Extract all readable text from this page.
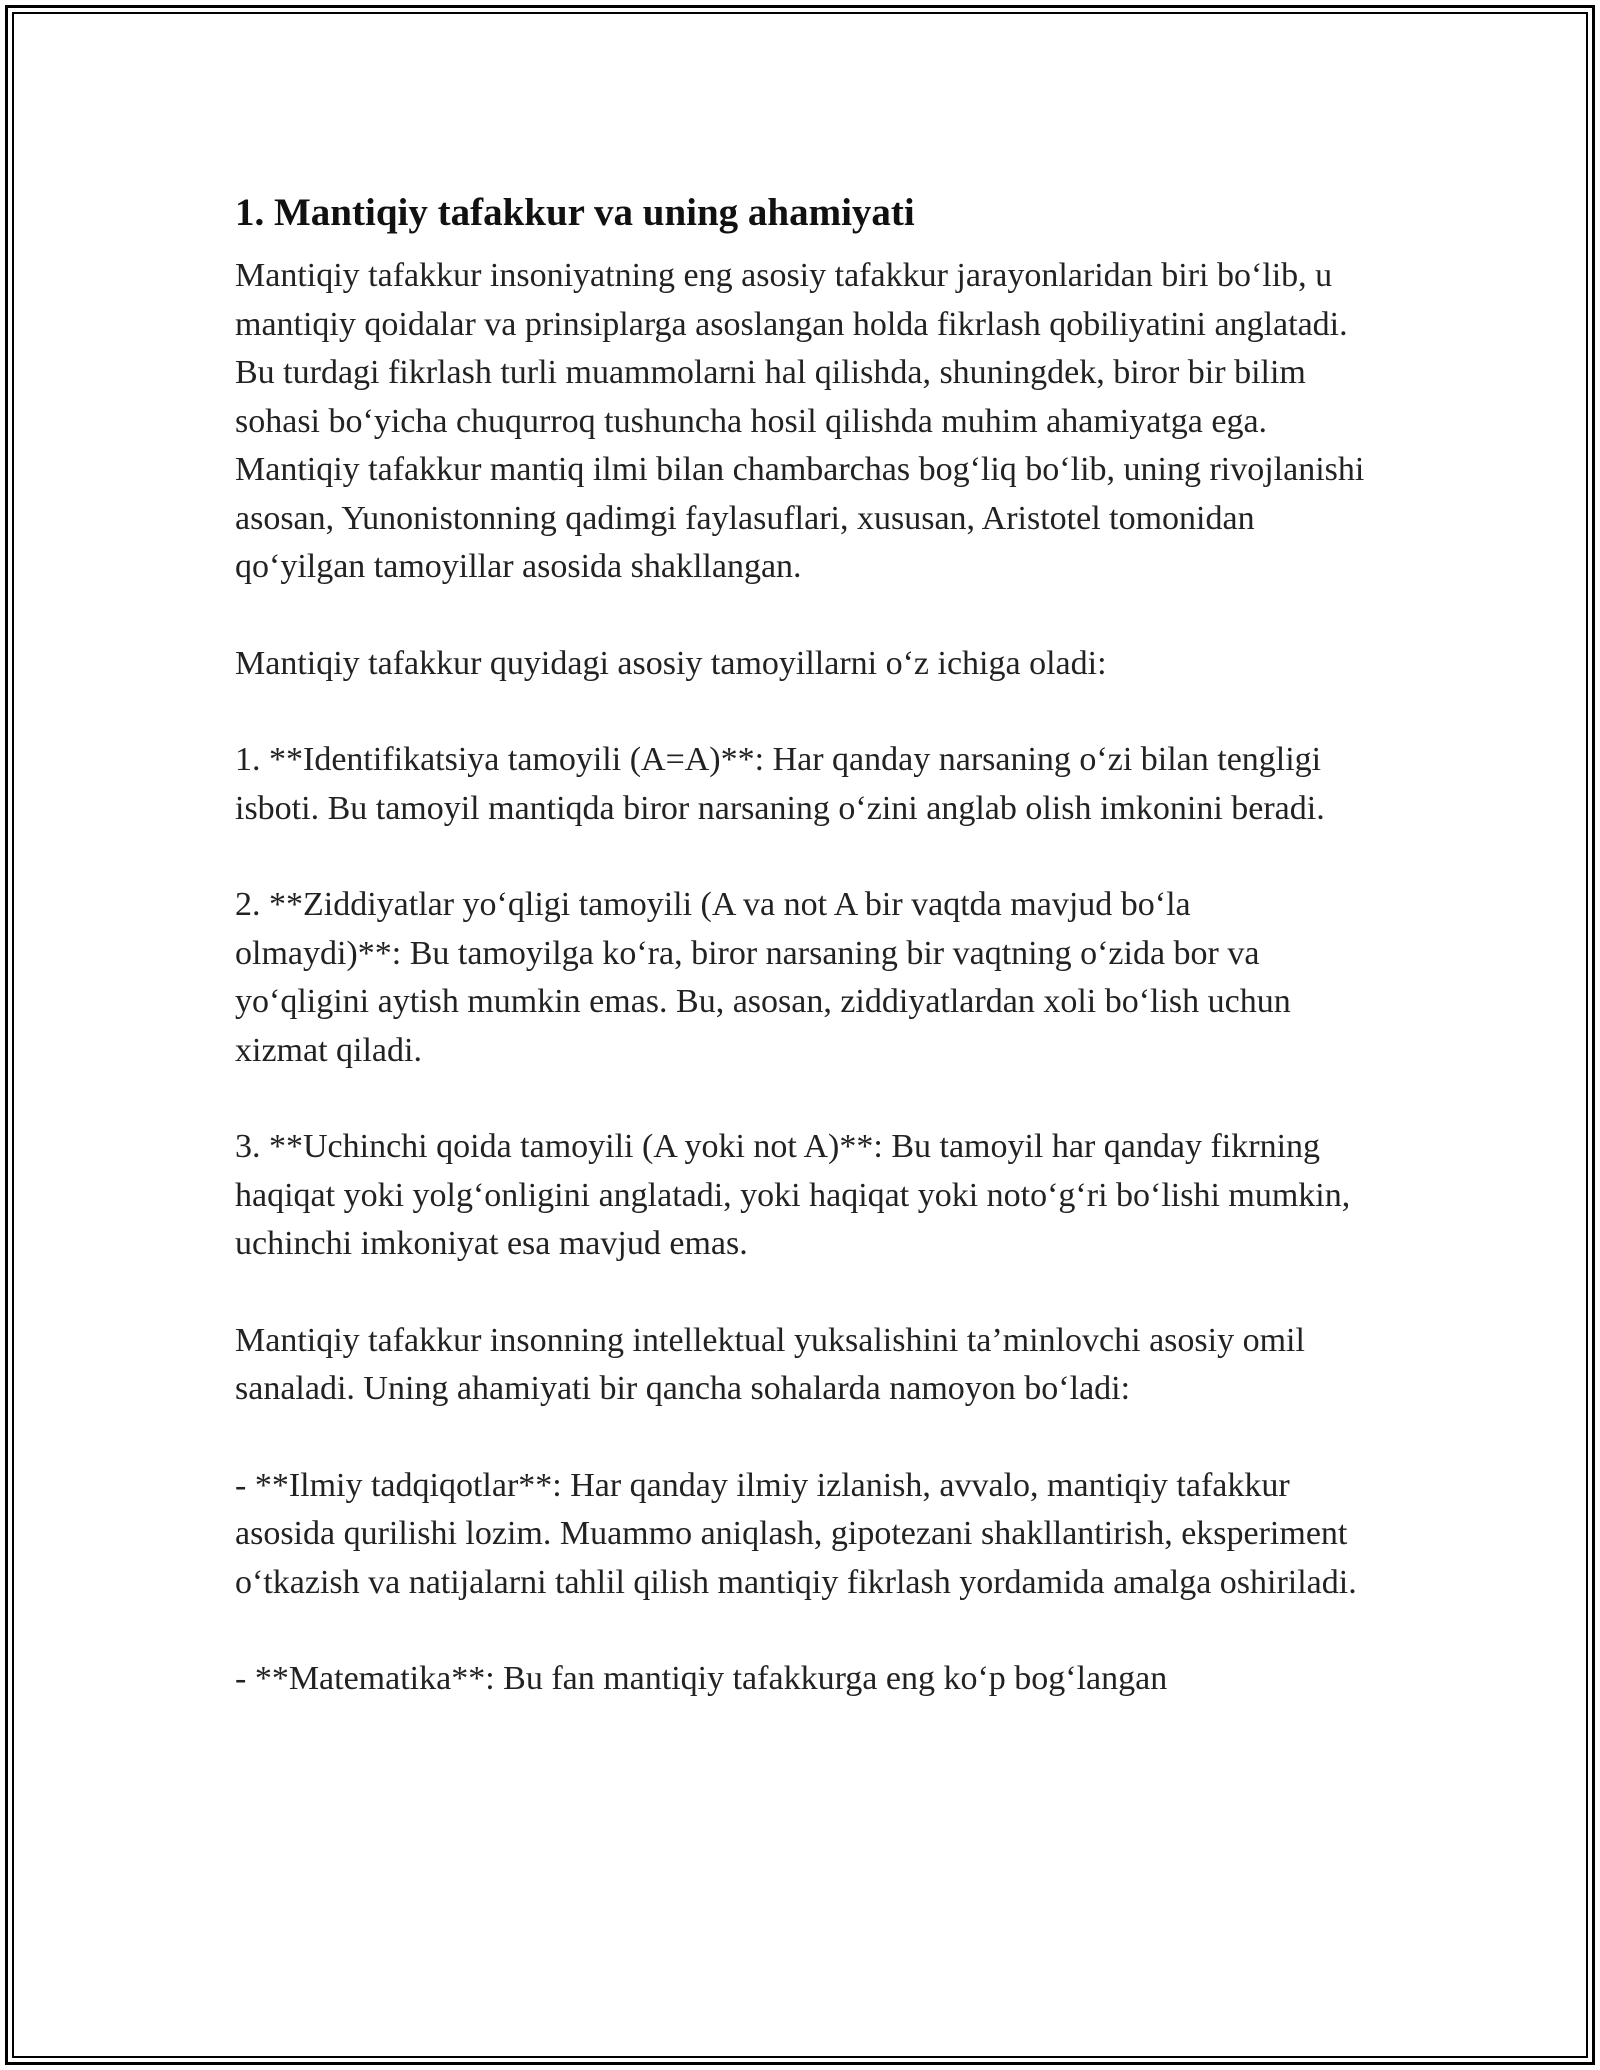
1. Mantiqiy tafakkur va uning ahamiyati

Mantiqiy tafakkur insoniyatning eng asosiy tafakkur jarayonlaridan biri bo‘lib, u mantiqiy qoidalar va prinsiplarga asoslangan holda fikrlash qobiliyatini anglatadi. Bu turdagi fikrlash turli muammolarni hal qilishda, shuningdek, biror bir bilim sohasi bo‘yicha chuqurroq tushuncha hosil qilishda muhim ahamiyatga ega. Mantiqiy tafakkur mantiq ilmi bilan chambarchas bog‘liq bo‘lib, uning rivojlanishi asosan, Yunonistonning qadimgi faylasuflari, xususan, Aristotel tomonidan qo‘yilgan tamoyillar asosida shakllangan.

Mantiqiy tafakkur quyidagi asosiy tamoyillarni o‘z ichiga oladi:

1. **Identifikatsiya tamoyili (A=A)**: Har qanday narsaning o‘zi bilan tengligi isboti. Bu tamoyil mantiqda biror narsaning o‘zini anglab olish imkonini beradi.

2. **Ziddiyatlar yo‘qligi tamoyili (A va not A bir vaqtda mavjud bo‘la olmaydi)**: Bu tamoyilga ko‘ra, biror narsaning bir vaqtning o‘zida bor va yo‘qligini aytish mumkin emas. Bu, asosan, ziddiyatlardan xoli bo‘lish uchun xizmat qiladi.

3. **Uchinchi qoida tamoyili (A yoki not A)**: Bu tamoyil har qanday fikrning haqiqat yoki yolg‘onligini anglatadi, yoki haqiqat yoki noto‘g‘ri bo‘lishi mumkin, uchinchi imkoniyat esa mavjud emas.

Mantiqiy tafakkur insonning intellektual yuksalishini ta’minlovchi asosiy omil sanaladi. Uning ahamiyati bir qancha sohalarda namoyon bo‘ladi:

- **Ilmiy tadqiqotlar**: Har qanday ilmiy izlanish, avvalo, mantiqiy tafakkur asosida qurilishi lozim. Muammo aniqlash, gipotezani shakllantirish, eksperiment o‘tkazish va natijalarni tahlil qilish mantiqiy fikrlash yordamida amalga oshiriladi.

- **Matematika**: Bu fan mantiqiy tafakkurga eng ko‘p bog‘langan
